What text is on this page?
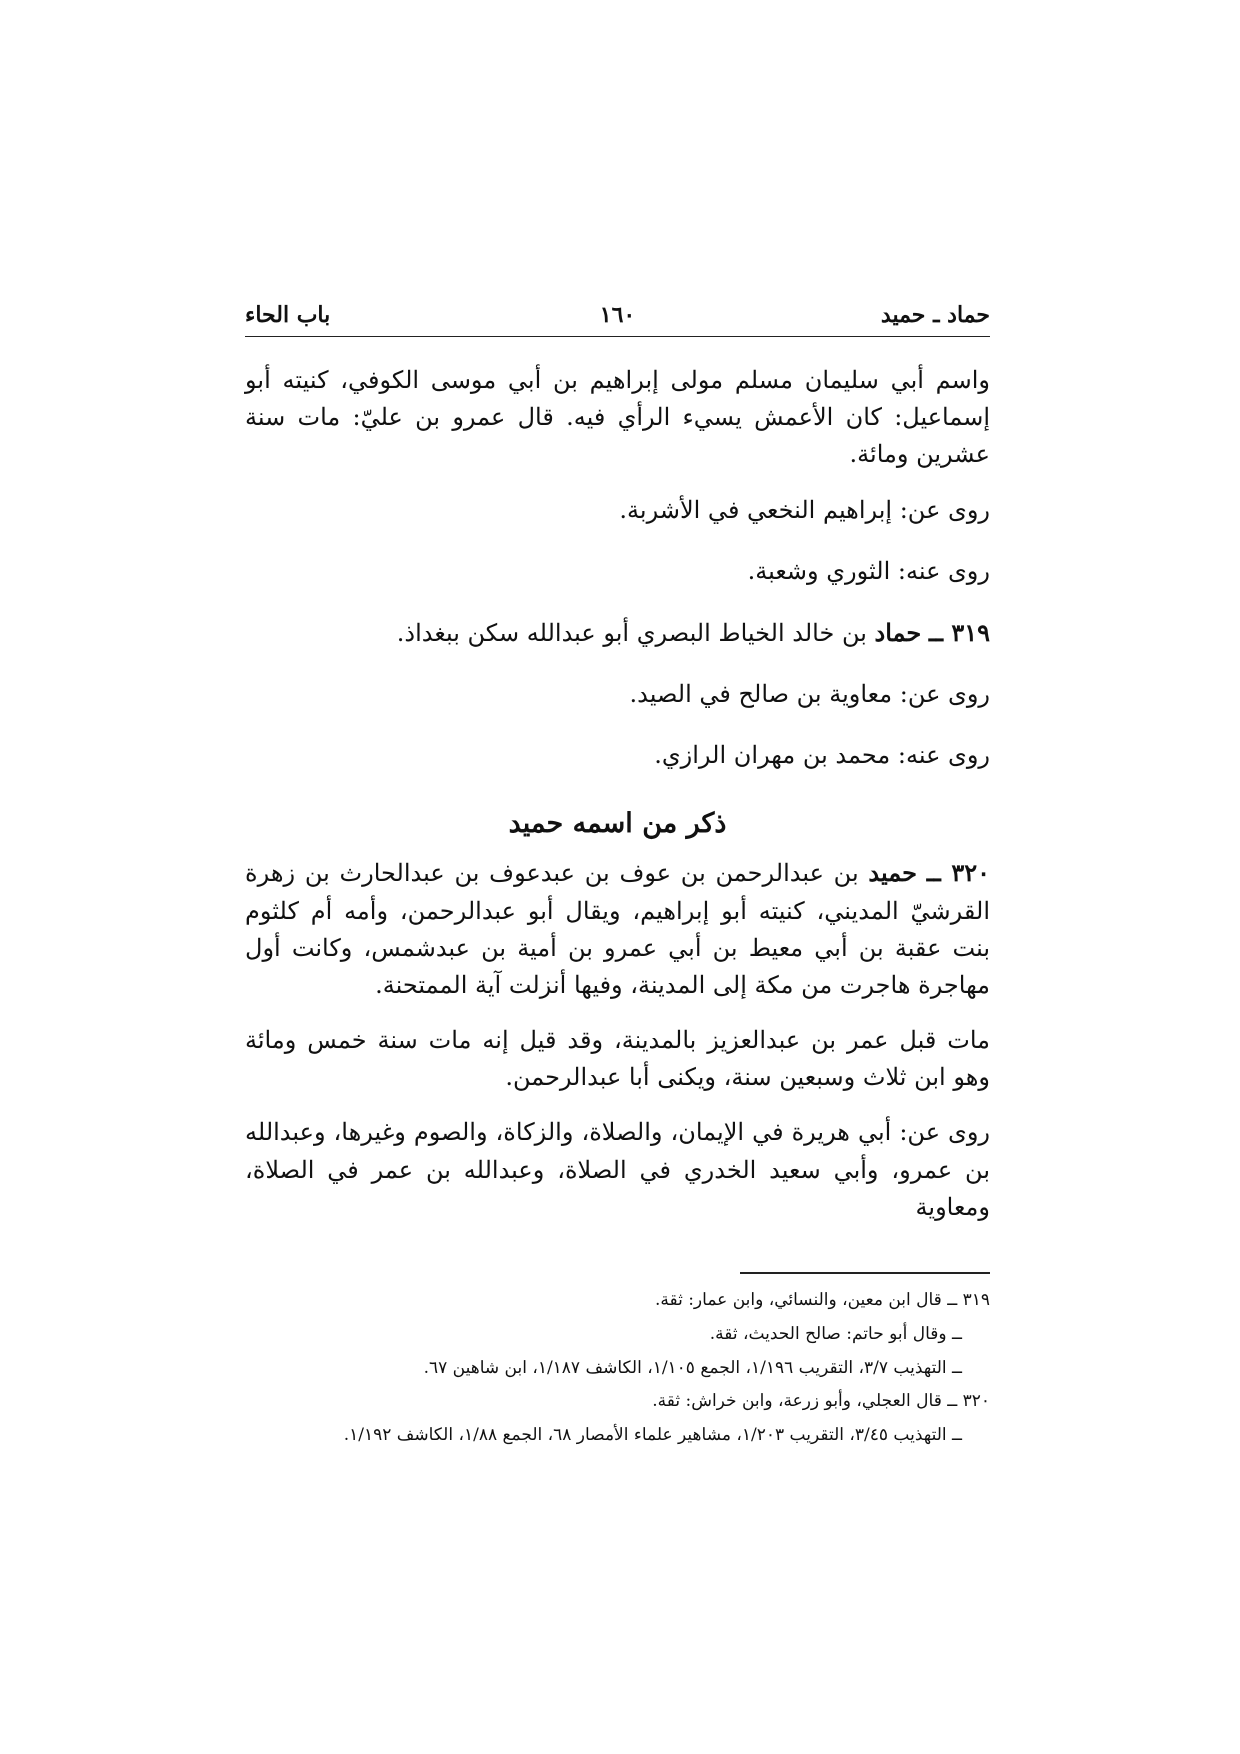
حماد ـ حميد
١٦٠
باب الحاء

واسم أبي سليمان مسلم مولى إبراهيم بن أبي موسى الكوفي، كنيته أبو إسماعيل: كان الأعمش يسيء الرأي فيه. قال عمرو بن عليّ: مات سنة عشرين ومائة.

روى عن: إبراهيم النخعي في الأشربة.

روى عنه: الثوري وشعبة.

٣١٩ ــ حماد بن خالد الخياط البصري أبو عبدالله سكن ببغداذ.

روى عن: معاوية بن صالح في الصيد.

روى عنه: محمد بن مهران الرازي.

ذكر من اسمه حميد

٣٢٠ ــ حميد بن عبدالرحمن بن عوف بن عبدعوف بن عبدالحارث بن زهرة القرشيّ المديني، كنيته أبو إبراهيم، ويقال أبو عبدالرحمن، وأمه أم كلثوم بنت عقبة بن أبي معيط بن أبي عمرو بن أمية بن عبدشمس، وكانت أول مهاجرة هاجرت من مكة إلى المدينة، وفيها أنزلت آية الممتحنة.

مات قبل عمر بن عبدالعزيز بالمدينة، وقد قيل إنه مات سنة خمس ومائة وهو ابن ثلاث وسبعين سنة، ويكنى أبا عبدالرحمن.

روى عن: أبي هريرة في الإيمان، والصلاة، والزكاة، والصوم وغيرها، وعبدالله بن عمرو، وأبي سعيد الخدري في الصلاة، وعبدالله بن عمر في الصلاة، ومعاوية

٣١٩ ــ قال ابن معين، والنسائي، وابن عمار: ثقة.
ــ وقال أبو حاتم: صالح الحديث، ثقة.
ــ التهذيب ٣/٧، التقريب ١/١٩٦، الجمع ١/١٠٥، الكاشف ١/١٨٧، ابن شاهين ٦٧.
٣٢٠ ــ قال العجلي، وأبو زرعة، وابن خراش: ثقة.
ــ التهذيب ٣/٤٥، التقريب ١/٢٠٣، مشاهير علماء الأمصار ٦٨، الجمع ١/٨٨، الكاشف ١/١٩٢.
